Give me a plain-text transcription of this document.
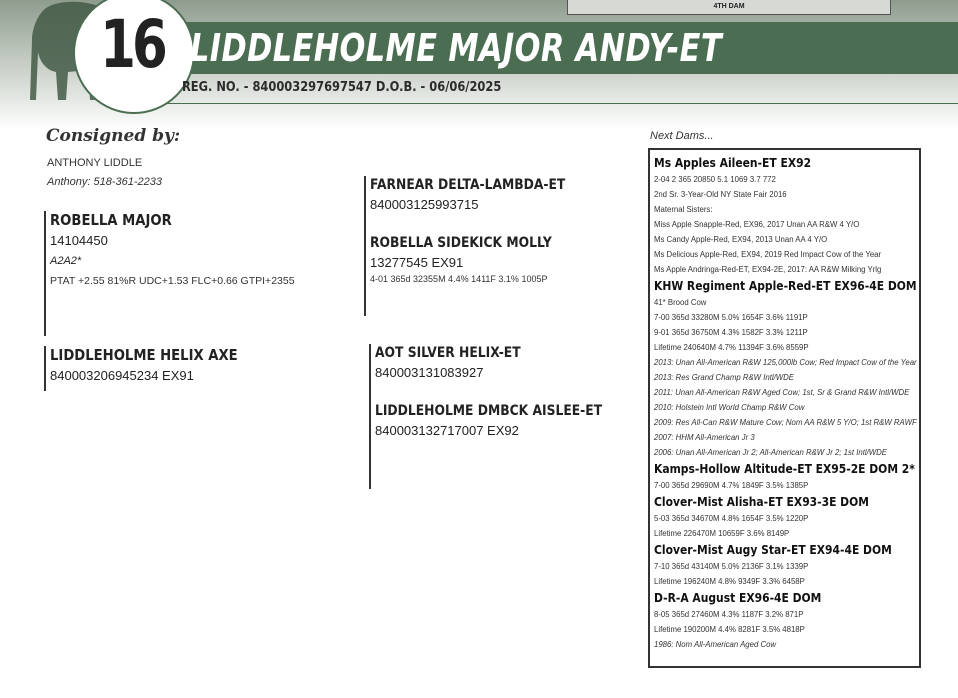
4TH DAM
16 LIDDLEHOLME MAJOR ANDY-ET
REG. NO. - 840003297697547 D.O.B. - 06/06/2025
Consigned by:
ANTHONY LIDDLE
Anthony: 518-361-2233
ROBELLA MAJOR
14104450
A2A2*
PTAT +2.55 81%R UDC+1.53 FLC+0.66 GTPI+2355
LIDDLEHOLME HELIX AXE
840003206945234 EX91
FARNEAR DELTA-LAMBDA-ET
840003125993715
ROBELLA SIDEKICK MOLLY
13277545 EX91
4-01 365d 32355M 4.4% 1411F 3.1% 1005P
AOT SILVER HELIX-ET
840003131083927
LIDDLEHOLME DMBCK AISLEE-ET
840003132717007 EX92
Next Dams...
Ms Apples Aileen-ET EX92

2-04 2 365 20850 5.1 1069 3.7 772
2nd Sr. 3-Year-Old NY State Fair 2016
Maternal Sisters:
Miss Apple Snapple-Red, EX96, 2017 Unan AA R&W 4 Y/O
Ms Candy Apple-Red, EX94, 2013 Unan AA 4 Y/O
Ms Delicious Apple-Red, EX94, 2019 Red Impact Cow of the Year
Ms Apple Andringa-Red-ET, EX94-2E, 2017: AA R&W Milking Yrlg
KHW Regiment Apple-Red-ET EX96-4E DOM

41* Brood Cow
7-00 365d 33280M 5.0% 1654F 3.6% 1191P
9-01 365d 36750M 4.3% 1582F 3.3% 1211P
Lifetime 240640M 4.7% 11394F 3.6% 8559P
2013: Unan All-American R&W 125,000lb Cow; Red Impact Cow of the Year
2013: Res Grand Champ R&W Intl/WDE
2011: Unan All-American R&W Aged Cow; 1st, Sr & Grand R&W Intl/WDE
2010: Holstein Intl World Champ R&W Cow
2009: Res All-Can R&W Mature Cow; Nom AA R&W 5 Y/O; 1st R&W RAWF
2007: HHM All-American Jr 3
2006: Unan All-American Jr 2; All-American R&W Jr 2; 1st Intl/WDE
Kamps-Hollow Altitude-ET EX95-2E DOM 2*

7-00 365d 29690M 4.7% 1849F 3.5% 1385P
Clover-Mist Alisha-ET EX93-3E DOM

5-03 365d 34670M 4.8% 1654F 3.5% 1220P
Lifetime 226470M 10659F 3.6% 8149P
Clover-Mist Augy Star-ET EX94-4E DOM

7-10 365d 43140M 5.0% 2136F 3.1% 1339P
Lifetime 196240M 4.8% 9349F 3.3% 6458P
D-R-A August EX96-4E DOM

8-05 365d 27460M 4.3% 1187F 3.2% 871P
Lifetime 190200M 4.4% 8281F 3.5% 4818P
1986: Nom All-American Aged Cow
